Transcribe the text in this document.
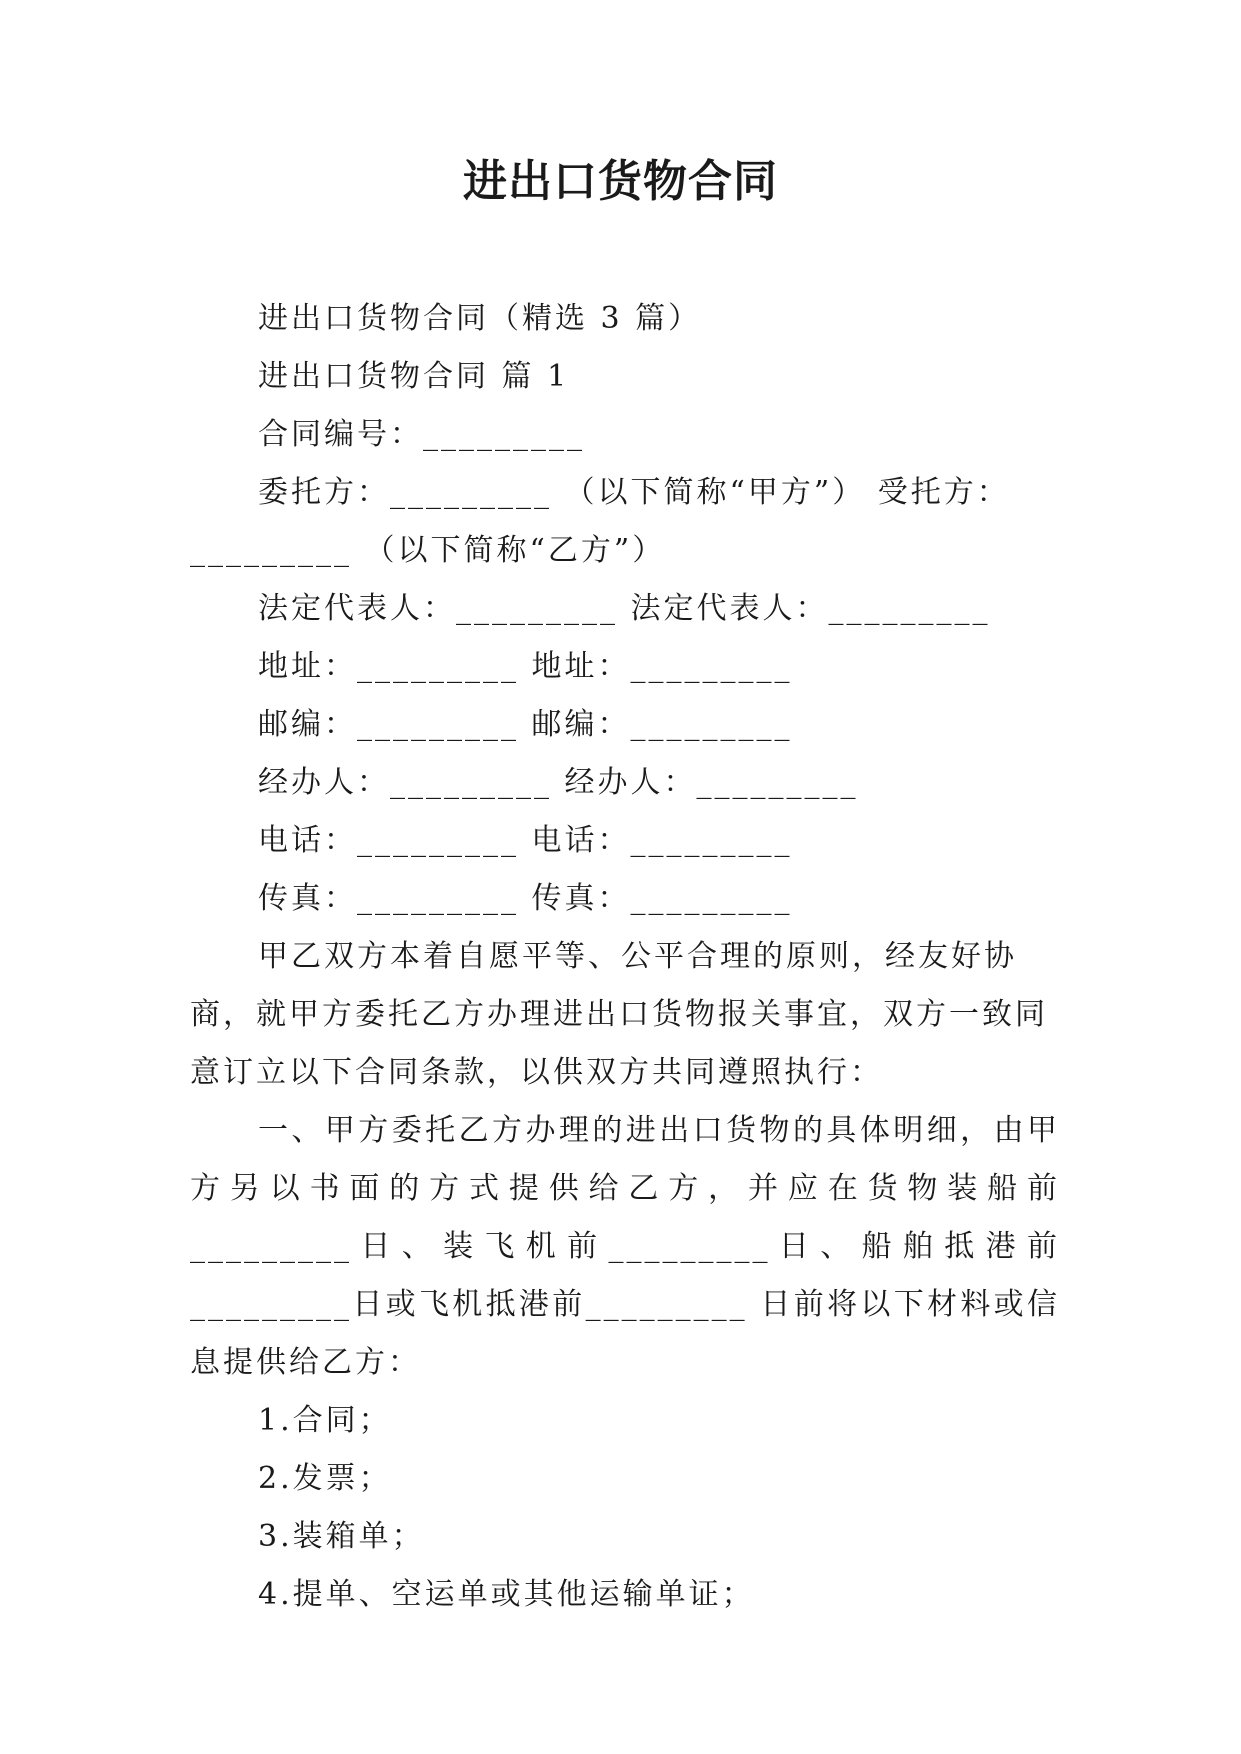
进出口货物合同

进出口货物合同（精选 3 篇）

进出口货物合同 篇 1

合同编号：_________

委托方：_________ （以下简称“甲方”） 受托方：

_________ （以下简称“乙方”）

法定代表人：_________ 法定代表人：_________

地址：_________ 地址：_________

邮编：_________ 邮编：_________

经办人：_________ 经办人：_________

电话：_________ 电话：_________

传真：_________ 传真：_________

甲乙双方本着自愿平等、公平合理的原则，经友好协商，就甲方委托乙方办理进出口货物报关事宜，双方一致同意订立以下合同条款，以供双方共同遵照执行：

一、甲方委托乙方办理的进出口货物的具体明细，由甲方另以书面的方式提供给乙方，并应在货物装船前_________日、装飞机前_________日、船舶抵港前_________日或飞机抵港前_________ 日前将以下材料或信息提供给乙方：

1.合同；

2.发票；

3.装箱单；

4.提单、空运单或其他运输单证；
